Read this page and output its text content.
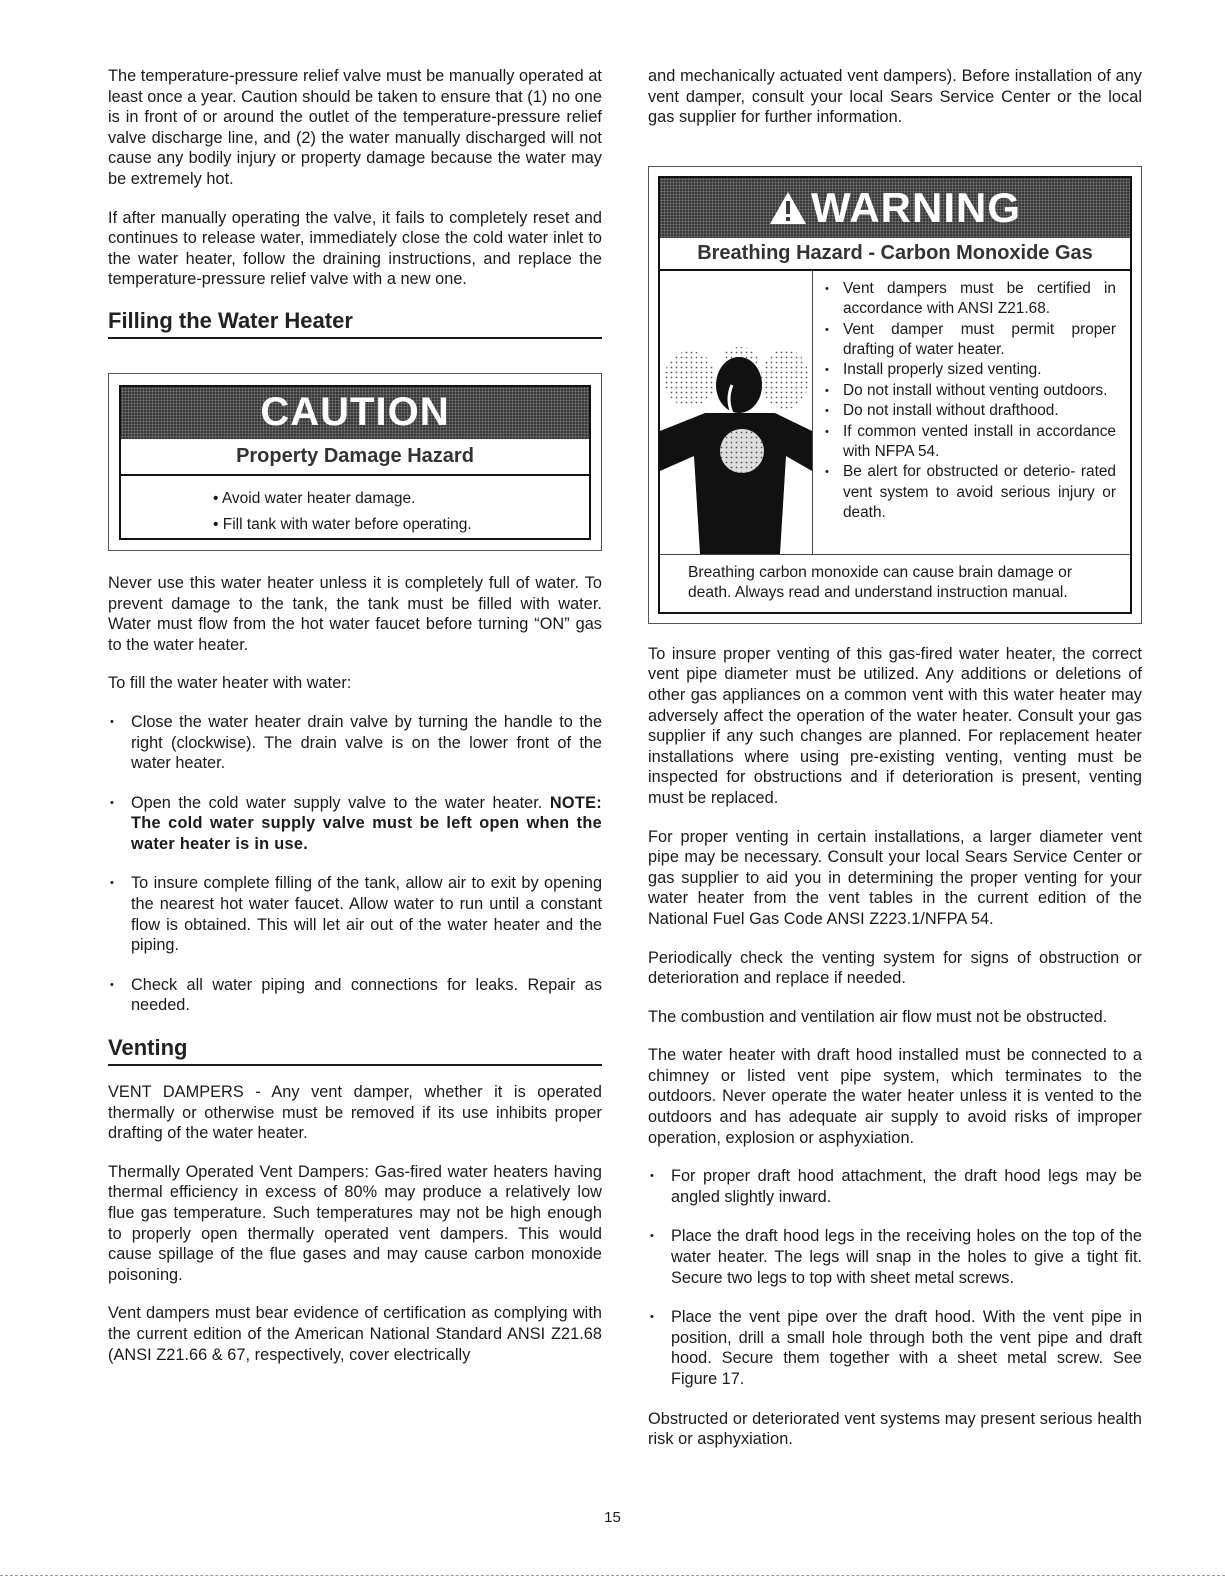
The temperature-pressure relief valve must be manually operated at least once a year. Caution should be taken to ensure that (1) no one is in front of or around the outlet of the temperature-pressure relief valve discharge line, and (2) the water manually discharged will not cause any bodily injury or property damage because the water may be extremely hot.

If after manually operating the valve, it fails to completely reset and continues to release water, immediately close the cold water inlet to the water heater, follow the draining instructions, and replace the temperature-pressure relief valve with a new one.

Filling the Water Heater
CAUTION
Property Damage Hazard
• Avoid water heater damage.
• Fill tank with water before operating.

Never use this water heater unless it is completely full of water. To prevent damage to the tank, the tank must be filled with water. Water must flow from the hot water faucet before turning “ON” gas to the water heater.

To fill the water heater with water:

• Close the water heater drain valve by turning the handle to the right (clockwise). The drain valve is on the lower front of the water heater.
• Open the cold water supply valve to the water heater. NOTE: The cold water supply valve must be left open when the water heater is in use.
• To insure complete filling of the tank, allow air to exit by opening the nearest hot water faucet. Allow water to run until a constant flow is obtained. This will let air out of the water heater and the piping.
• Check all water piping and connections for leaks. Repair as needed.
Venting

VENT DAMPERS - Any vent damper, whether it is operated thermally or otherwise must be removed if its use inhibits proper drafting of the water heater.

Thermally Operated Vent Dampers: Gas-fired water heaters having thermal efficiency in excess of 80% may produce a relatively low flue gas temperature. Such temperatures may not be high enough to properly open thermally operated vent dampers. This would cause spillage of the flue gases and may cause carbon monoxide poisoning.

Vent dampers must bear evidence of certification as complying with the current edition of the American National Standard ANSI Z21.68 (ANSI Z21.66 & 67, respectively, cover electrically

and mechanically actuated vent dampers). Before installation of any vent damper, consult your local Sears Service Center or the local gas supplier for further information.

WARNING
Breathing Hazard - Carbon Monoxide Gas
• Vent dampers must be certified in accordance with ANSI Z21.68.
• Vent damper must permit proper drafting of water heater.
• Install properly sized venting.
• Do not install without venting outdoors.
• Do not install without drafthood.
• If common vented install in accordance with NFPA 54.
• Be alert for obstructed or deterio- rated vent system to avoid serious injury or death.
Breathing carbon monoxide can cause brain damage or death. Always read and understand instruction manual.

To insure proper venting of this gas-fired water heater, the correct vent pipe diameter must be utilized. Any additions or deletions of other gas appliances on a common vent with this water heater may adversely affect the operation of the water heater. Consult your gas supplier if any such changes are planned. For replacement heater installations where using pre-existing venting, venting must be inspected for obstructions and if deterioration is present, venting must be replaced.

For proper venting in certain installations, a larger diameter vent pipe may be necessary. Consult your local Sears Service Center or gas supplier to aid you in determining the proper venting for your water heater from the vent tables in the current edition of the National Fuel Gas Code ANSI Z223.1/NFPA 54.

Periodically check the venting system for signs of obstruction or deterioration and replace if needed.

The combustion and ventilation air flow must not be obstructed.

The water heater with draft hood installed must be connected to a chimney or listed vent pipe system, which terminates to the outdoors. Never operate the water heater unless it is vented to the outdoors and has adequate air supply to avoid risks of improper operation, explosion or asphyxiation.

• For proper draft hood attachment, the draft hood legs may be angled slightly inward.
• Place the draft hood legs in the receiving holes on the top of the water heater. The legs will snap in the holes to give a tight fit. Secure two legs to top with sheet metal screws.
• Place the vent pipe over the draft hood. With the vent pipe in position, drill a small hole through both the vent pipe and draft hood. Secure them together with a sheet metal screw. See Figure 17.

Obstructed or deteriorated vent systems may present serious health risk or asphyxiation.

15
